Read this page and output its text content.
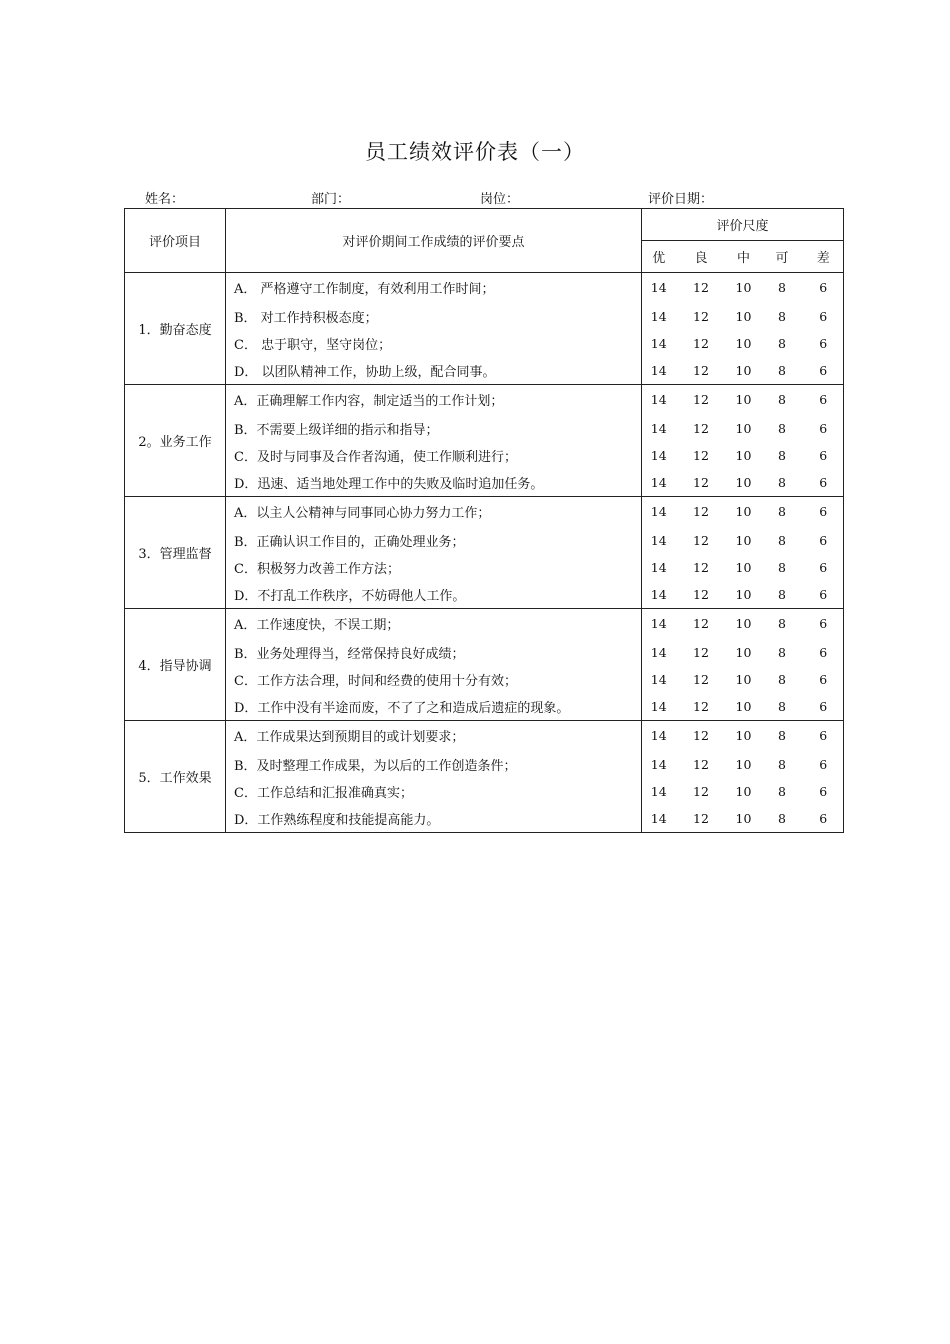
员工绩效评价表（一）
姓名：	部门：	岗位：	评价日期：
评价项目	对评价期间工作成绩的评价要点	评价尺度				
		优	良	中	可	差
1．勤奋态度	A． 严格遵守工作制度，有效利用工作时间；	14	12	10	8	6
	B． 对工作持积极态度；	14	12	10	8	6
	C． 忠于职守，坚守岗位；	14	12	10	8	6
	D． 以团队精神工作，协助上级，配合同事。	14	12	10	8	6
2。业务工作	A．正确理解工作内容，制定适当的工作计划；	14	12	10	8	6
	B．不需要上级详细的指示和指导；	14	12	10	8	6
	C．及时与同事及合作者沟通，使工作顺利进行；	14	12	10	8	6
	D．迅速、适当地处理工作中的失败及临时追加任务。	14	12	10	8	6
3．管理监督	A．以主人公精神与同事同心协力努力工作；	14	12	10	8	6
	B．正确认识工作目的，正确处理业务；	14	12	10	8	6
	C．积极努力改善工作方法；	14	12	10	8	6
	D．不打乱工作秩序，不妨碍他人工作。	14	12	10	8	6
4．指导协调	A．工作速度快，不误工期；	14	12	10	8	6
	B．业务处理得当，经常保持良好成绩；	14	12	10	8	6
	C．工作方法合理，时间和经费的使用十分有效；	14	12	10	8	6
	D．工作中没有半途而废，不了了之和造成后遗症的现象。	14	12	10	8	6
5．工作效果	A．工作成果达到预期目的或计划要求；	14	12	10	8	6
	B．及时整理工作成果，为以后的工作创造条件；	14	12	10	8	6
	C．工作总结和汇报准确真实；	14	12	10	8	6
	D．工作熟练程度和技能提高能力。	14	12	10	8	6
